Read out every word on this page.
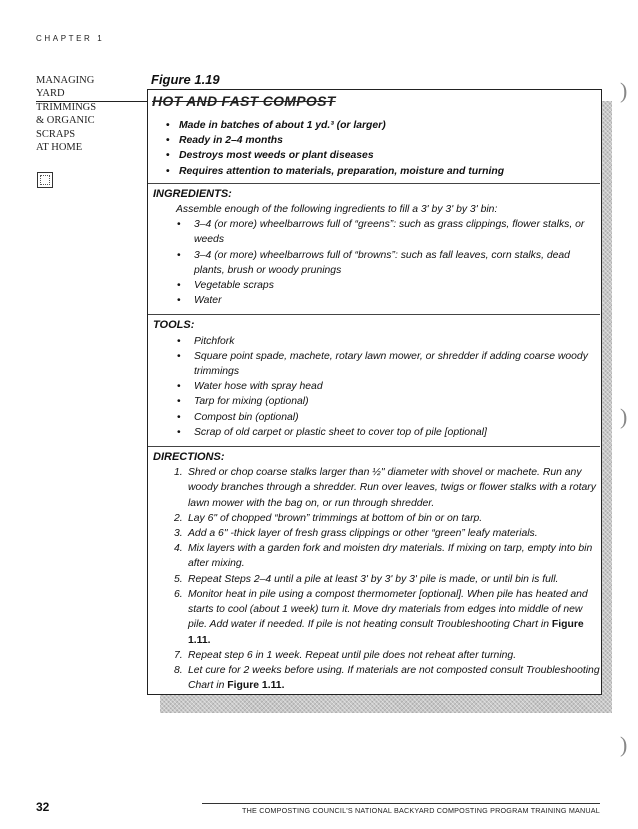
CHAPTER 1
MANAGING
YARD
TRIMMINGS
& ORGANIC
SCRAPS
AT HOME
Figure 1.19
HOT AND FAST COMPOST
• Made in batches of about 1 yd.³ (or larger)
• Ready in 2–4 months
• Destroys most weeds or plant diseases
• Requires attention to materials, preparation, moisture and turning
INGREDIENTS:
Assemble enough of the following ingredients to fill a 3' by 3' by 3' bin:
• 3–4 (or more) wheelbarrows full of “greens”: such as grass clippings, flower stalks, or weeds
• 3–4 (or more) wheelbarrows full of “browns”: such as fall leaves, corn stalks, dead plants, brush or woody prunings
• Vegetable scraps
• Water
TOOLS:
• Pitchfork
• Square point spade, machete, rotary lawn mower, or shredder if adding coarse woody trimmings
• Water hose with spray head
• Tarp for mixing (optional)
• Compost bin (optional)
• Scrap of old carpet or plastic sheet to cover top of pile [optional]
DIRECTIONS:
1. Shred or chop coarse stalks larger than ½" diameter with shovel or machete. Run any woody branches through a shredder. Run over leaves, twigs or flower stalks with a rotary lawn mower with the bag on, or run through shredder.
2. Lay 6" of chopped “brown” trimmings at bottom of bin or on tarp.
3. Add a 6" -thick layer of fresh grass clippings or other “green” leafy materials.
4. Mix layers with a garden fork and moisten dry materials. If mixing on tarp, empty into bin after mixing.
5. Repeat Steps 2–4 until a pile at least 3' by 3' by 3' pile is made, or until bin is full.
6. Monitor heat in pile using a compost thermometer [optional]. When pile has heated and starts to cool (about 1 week) turn it. Move dry materials from edges into middle of new pile. Add water if needed. If pile is not heating consult Troubleshooting Chart in Figure 1.11.
7. Repeat step 6 in 1 week. Repeat until pile does not reheat after turning.
8. Let cure for 2 weeks before using. If materials are not composted consult Troubleshooting Chart in Figure 1.11.
)
)
)
32	THE COMPOSTING COUNCIL'S NATIONAL BACKYARD COMPOSTING PROGRAM TRAINING MANUAL
